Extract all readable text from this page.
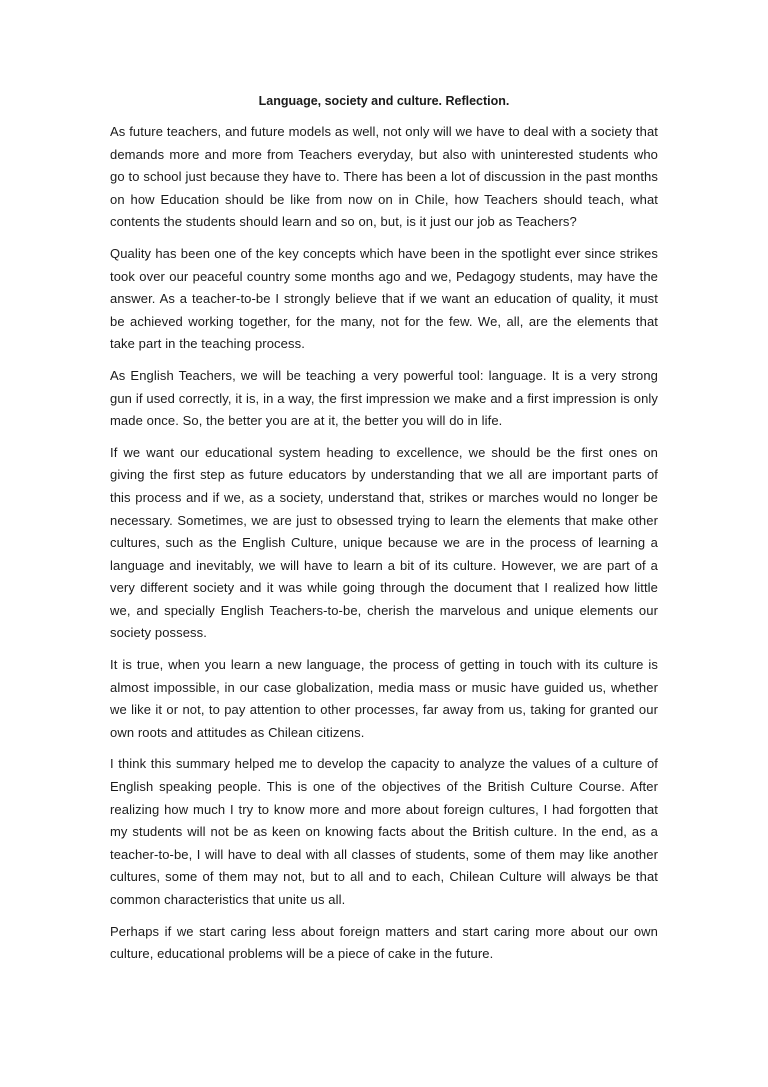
Language, society and culture. Reflection.

As future teachers, and future models as well, not only will we have to deal with a society that demands more and more from Teachers everyday, but also with uninterested students who go to school just because they have to. There has been a lot of discussion in the past months on how Education should be like from now on in Chile, how Teachers should teach, what contents the students should learn and so on, but, is it just our job as Teachers?

Quality has been one of the key concepts which have been in the spotlight ever since strikes took over our peaceful country some months ago and we, Pedagogy students, may have the answer. As a teacher-to-be I strongly believe that if we want an education of quality, it must be achieved working together, for the many, not for the few. We, all, are the elements that take part in the teaching process.

As English Teachers, we will be teaching a very powerful tool: language. It is a very strong gun if used correctly, it is, in a way, the first impression we make and a first impression is only made once. So, the better you are at it, the better you will do in life.

If we want our educational system heading to excellence, we should be the first ones on giving the first step as future educators by understanding that we all are important parts of this process and if we, as a society, understand that, strikes or marches would no longer be necessary. Sometimes, we are just to obsessed trying to learn the elements that make other cultures, such as the English Culture, unique because we are in the process of learning a language and inevitably, we will have to learn a bit of its culture. However, we are part of a very different society and it was while going through the document that I realized how little we, and specially English Teachers-to-be, cherish the marvelous and unique elements our society possess.

It is true, when you learn a new language, the process of getting in touch with its culture is almost impossible, in our case globalization, media mass or music have guided us, whether we like it or not, to pay attention to other processes, far away from us, taking for granted our own roots and attitudes as Chilean citizens.

I think this summary helped me to develop the capacity to analyze the values of a culture of English speaking people. This is one of the objectives of the British Culture Course. After realizing how much I try to know more and more about foreign cultures, I had forgotten that my students will not be as keen on knowing facts about the British culture. In the end, as a teacher-to-be, I will have to deal with all classes of students, some of them may like another cultures, some of them may not, but to all and to each, Chilean Culture will always be that common characteristics that unite us all.

Perhaps if we start caring less about foreign matters and start caring more about our own culture, educational problems will be a piece of cake in the future.
